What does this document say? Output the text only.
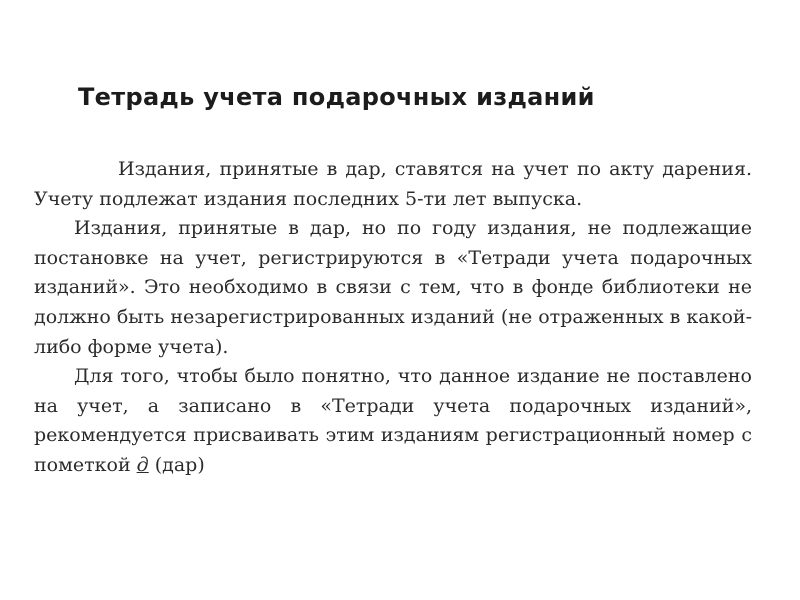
Тетрадь учета подарочных изданий

Издания, принятые в дар, ставятся на учет по акту дарения. Учету подлежат издания последних 5-ти лет выпуска.

Издания, принятые в дар, но по году издания, не подлежащие постановке на учет, регистрируются в «Тетради учета подарочных изданий». Это необходимо в связи с тем, что в фонде библиотеки не должно быть незарегистрированных изданий (не отраженных в какой-либо форме учета).

Для того, чтобы было понятно, что данное издание не поставлено на учет, а записано в «Тетради учета подарочных изданий», рекомендуется присваивать этим изданиям регистрационный номер с пометкой д (дар)
